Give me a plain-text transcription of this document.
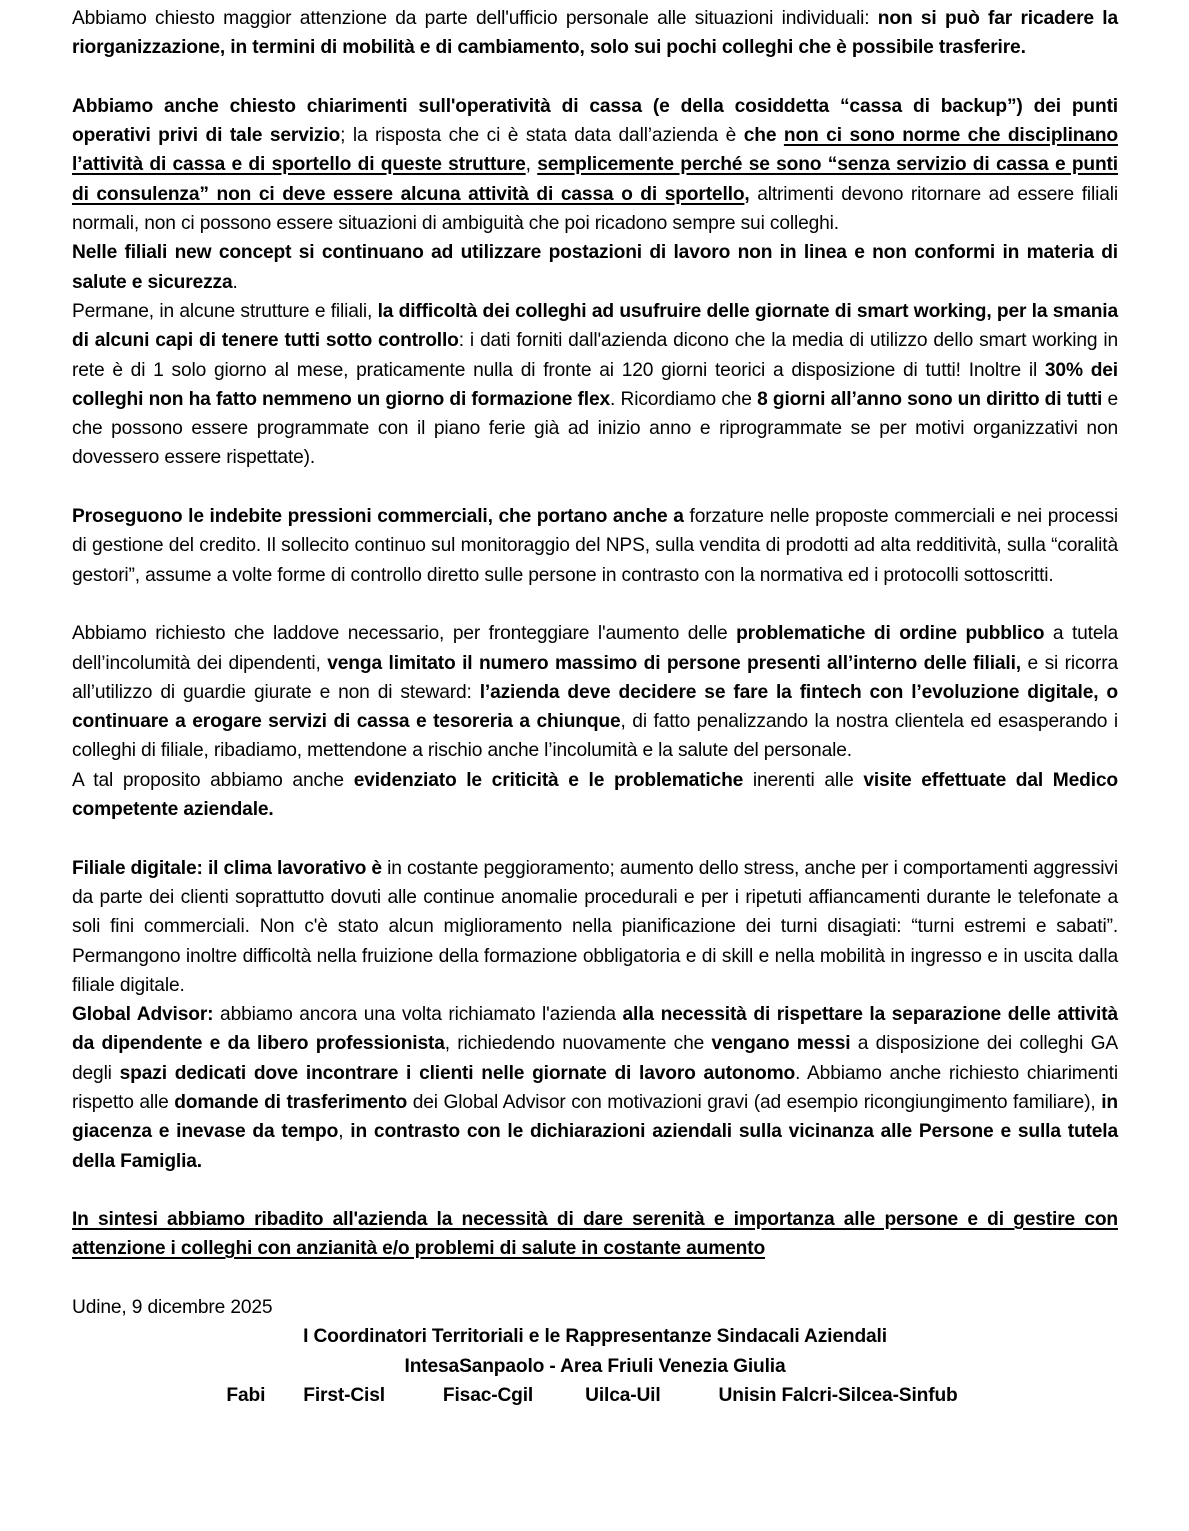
Abbiamo chiesto maggior attenzione da parte dell'ufficio personale alle situazioni individuali: non si può far ricadere la riorganizzazione, in termini di mobilità e di cambiamento, solo sui pochi colleghi che è possibile trasferire.

Abbiamo anche chiesto chiarimenti sull'operatività di cassa (e della cosiddetta “cassa di backup”) dei punti operativi privi di tale servizio; la risposta che ci è stata data dall’azienda è che non ci sono norme che disciplinano l’attività di cassa e di sportello di queste strutture, semplicemente perché se sono “senza servizio di cassa e punti di consulenza” non ci deve essere alcuna attività di cassa o di sportello, altrimenti devono ritornare ad essere filiali normali, non ci possono essere situazioni di ambiguità che poi ricadono sempre sui colleghi.

Nelle filiali new concept si continuano ad utilizzare postazioni di lavoro non in linea e non conformi in materia di salute e sicurezza.

Permane, in alcune strutture e filiali, la difficoltà dei colleghi ad usufruire delle giornate di smart working, per la smania di alcuni capi di tenere tutti sotto controllo: i dati forniti dall'azienda dicono che la media di utilizzo dello smart working in rete è di 1 solo giorno al mese, praticamente nulla di fronte ai 120 giorni teorici a disposizione di tutti! Inoltre il 30% dei colleghi non ha fatto nemmeno un giorno di formazione flex. Ricordiamo che 8 giorni all’anno sono un diritto di tutti e che possono essere programmate con il piano ferie già ad inizio anno e riprogrammate se per motivi organizzativi non dovessero essere rispettate).

Proseguono le indebite pressioni commerciali, che portano anche a forzature nelle proposte commerciali e nei processi di gestione del credito. Il sollecito continuo sul monitoraggio del NPS, sulla vendita di prodotti ad alta redditività, sulla “coralità gestori”, assume a volte forme di controllo diretto sulle persone in contrasto con la normativa ed i protocolli sottoscritti.

Abbiamo richiesto che laddove necessario, per fronteggiare l'aumento delle problematiche di ordine pubblico a tutela dell’incolumità dei dipendenti, venga limitato il numero massimo di persone presenti all’interno delle filiali, e si ricorra all’utilizzo di guardie giurate e non di steward: l’azienda deve decidere se fare la fintech con l’evoluzione digitale, o continuare a erogare servizi di cassa e tesoreria a chiunque, di fatto penalizzando la nostra clientela ed esasperando i colleghi di filiale, ribadiamo, mettendone a rischio anche l’incolumità e la salute del personale.

A tal proposito abbiamo anche evidenziato le criticità e le problematiche inerenti alle visite effettuate dal Medico competente aziendale.

Filiale digitale: il clima lavorativo è in costante peggioramento; aumento dello stress, anche per i comportamenti aggressivi da parte dei clienti soprattutto dovuti alle continue anomalie procedurali e per i ripetuti affiancamenti durante le telefonate a soli fini commerciali. Non c'è stato alcun miglioramento nella pianificazione dei turni disagiati: “turni estremi e sabati”. Permangono inoltre difficoltà nella fruizione della formazione obbligatoria e di skill e nella mobilità in ingresso e in uscita dalla filiale digitale.

Global Advisor: abbiamo ancora una volta richiamato l'azienda alla necessità di rispettare la separazione delle attività da dipendente e da libero professionista, richiedendo nuovamente che vengano messi a disposizione dei colleghi GA degli spazi dedicati dove incontrare i clienti nelle giornate di lavoro autonomo. Abbiamo anche richiesto chiarimenti rispetto alle domande di trasferimento dei Global Advisor con motivazioni gravi (ad esempio ricongiungimento familiare), in giacenza e inevase da tempo, in contrasto con le dichiarazioni aziendali sulla vicinanza alle Persone e sulla tutela della Famiglia.

In sintesi abbiamo ribadito all'azienda la necessità di dare serenità e importanza alle persone e di gestire con attenzione i colleghi con anzianità e/o problemi di salute in costante aumento

Udine, 9 dicembre 2025

I Coordinatori Territoriali e le Rappresentanze Sindacali Aziendali
IntesaSanpaolo - Area Friuli Venezia Giulia
Fabi First-Cisl	Fisac-Cgil	Uilca-Uil	Unisin Falcri-Silcea-Sinfub
